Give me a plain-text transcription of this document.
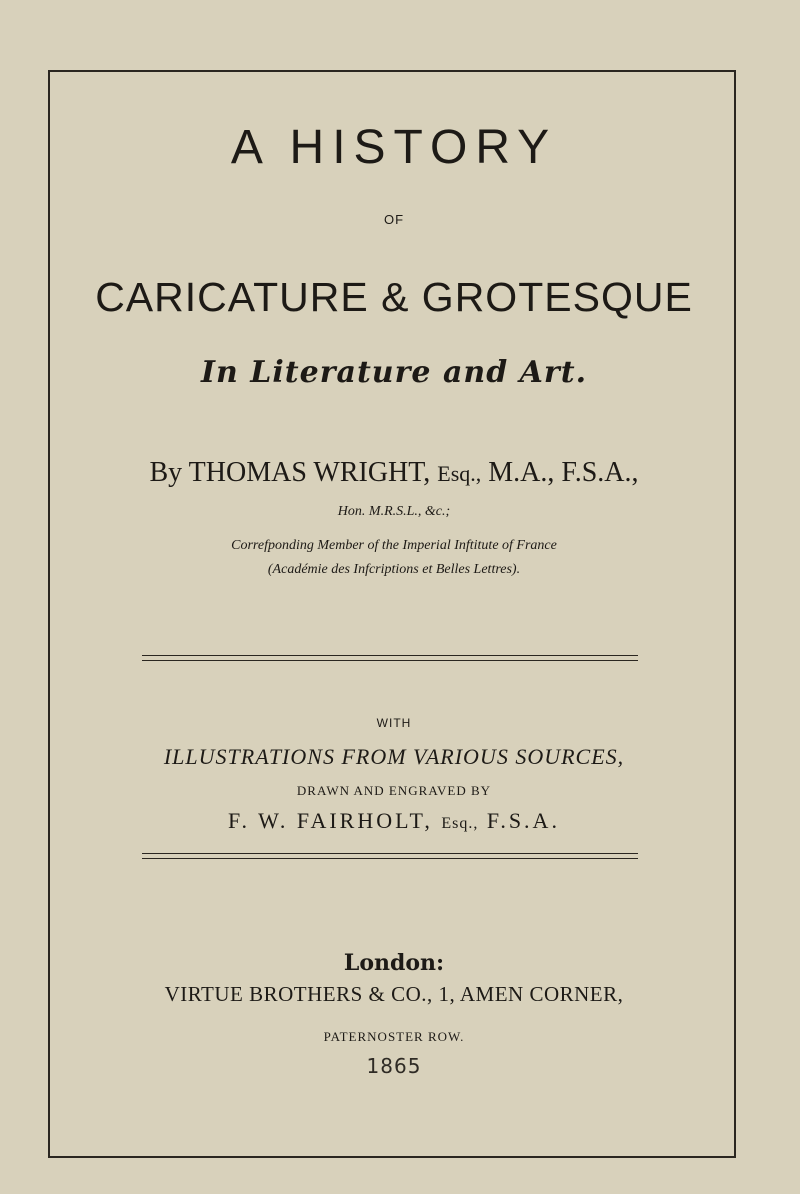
A HISTORY
OF
CARICATURE & GROTESQUE
In Literature and Art.
By THOMAS WRIGHT, Esq., M.A., F.S.A.,
Hon. M.R.S.L., &c.;
Correfponding Member of the Imperial Inftitute of France
(Académie des Infcriptions et Belles Lettres).
WITH
ILLUSTRATIONS FROM VARIOUS SOURCES,
DRAWN AND ENGRAVED BY
F. W. FAIRHOLT, Esq., F.S.A.
London:
VIRTUE BROTHERS & CO., 1, AMEN CORNER,
PATERNOSTER ROW.
1865
